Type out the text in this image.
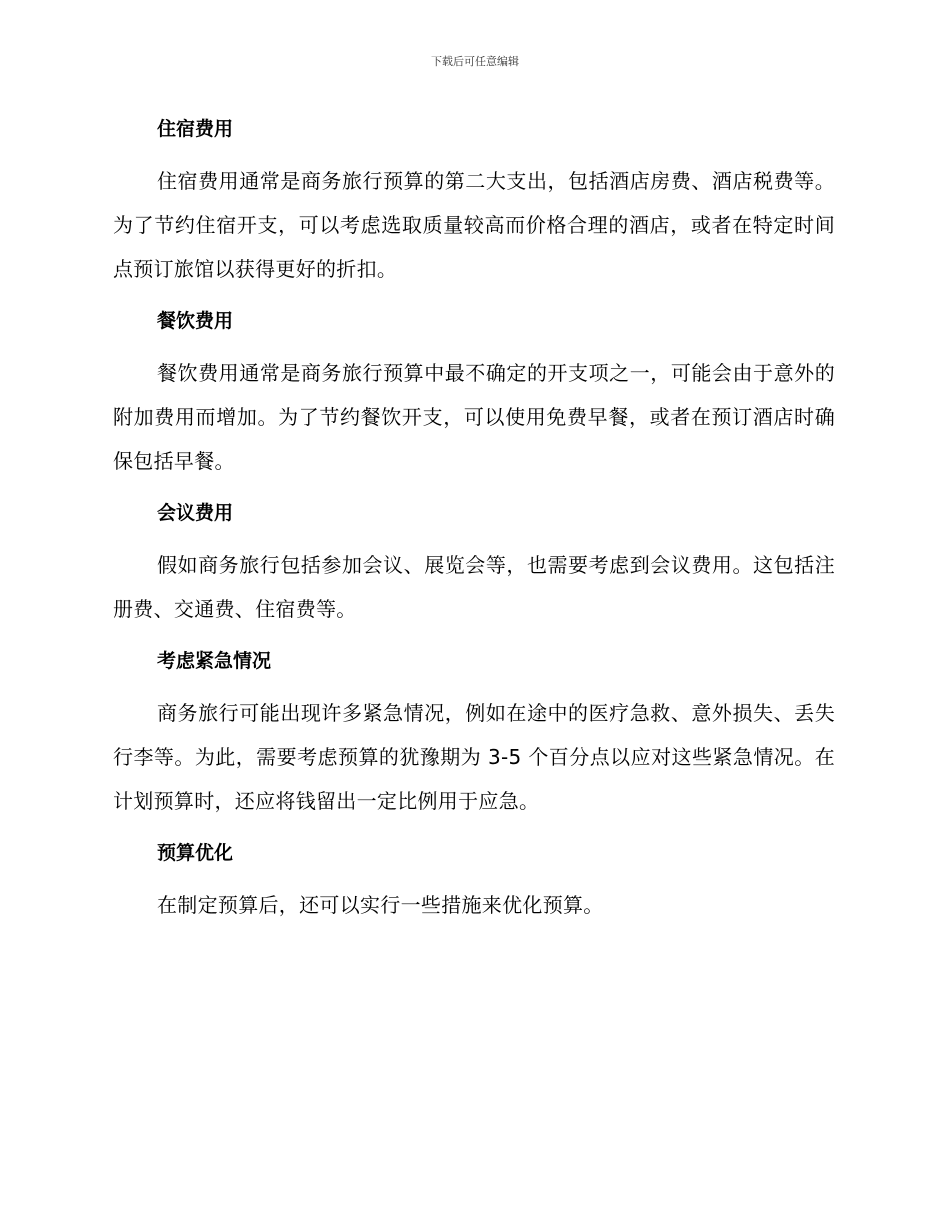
下载后可任意编辑
住宿费用

住宿费用通常是商务旅行预算的第二大支出，包括酒店房费、酒店税费等。为了节约住宿开支，可以考虑选取质量较高而价格合理的酒店，或者在特定时间点预订旅馆以获得更好的折扣。

餐饮费用

餐饮费用通常是商务旅行预算中最不确定的开支项之一，可能会由于意外的附加费用而增加。为了节约餐饮开支，可以使用免费早餐，或者在预订酒店时确保包括早餐。

会议费用

假如商务旅行包括参加会议、展览会等，也需要考虑到会议费用。这包括注册费、交通费、住宿费等。

考虑紧急情况

商务旅行可能出现许多紧急情况，例如在途中的医疗急救、意外损失、丢失行李等。为此，需要考虑预算的犹豫期为 3-5 个百分点以应对这些紧急情况。在计划预算时，还应将钱留出一定比例用于应急。

预算优化

在制定预算后，还可以实行一些措施来优化预算。
